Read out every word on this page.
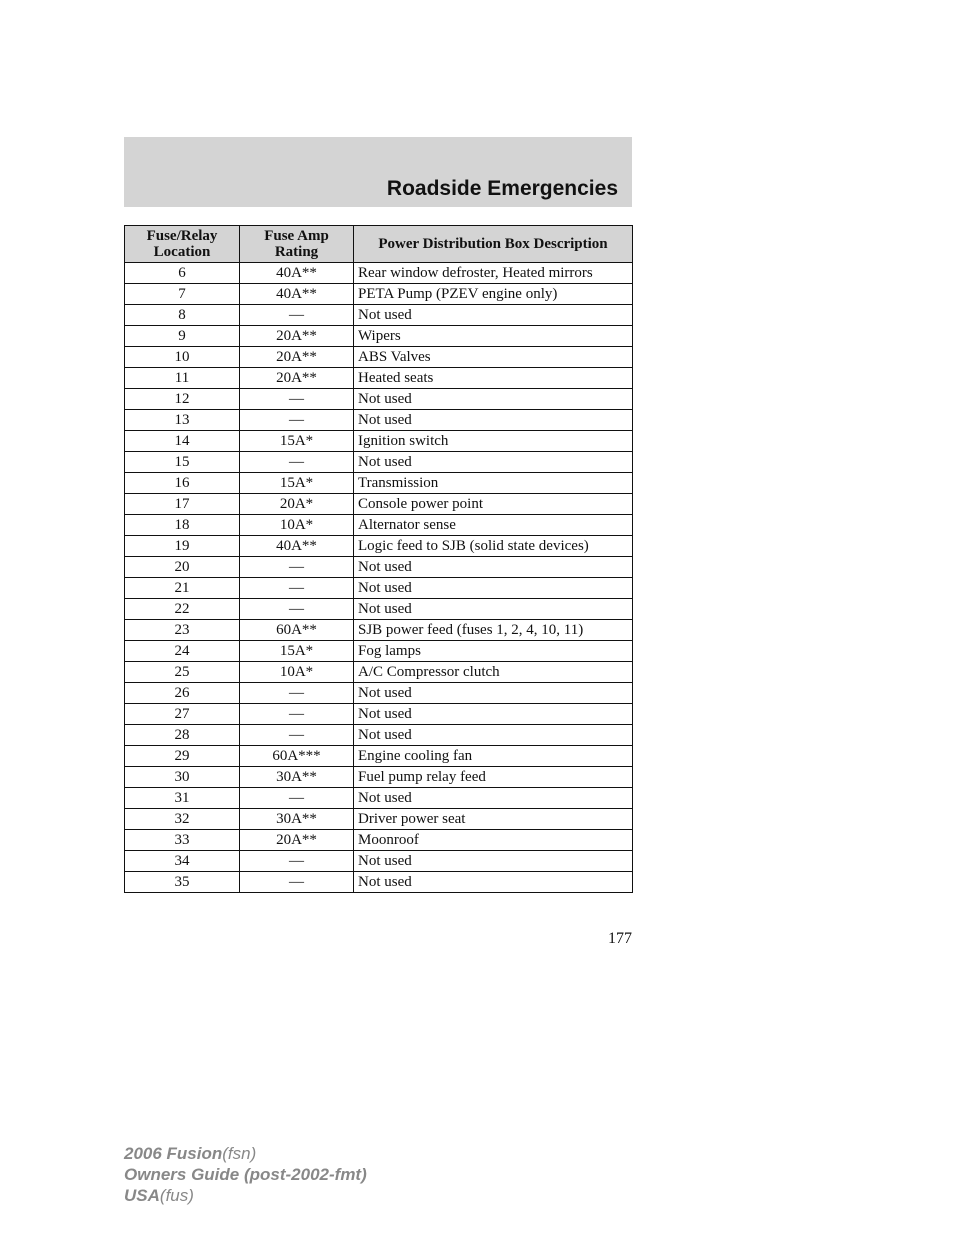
Roadside Emergencies
Fuse/Relay Location	Fuse Amp Rating	Power Distribution Box Description
6	40A**	Rear window defroster, Heated mirrors
7	40A**	PETA Pump (PZEV engine only)
8	—	Not used
9	20A**	Wipers
10	20A**	ABS Valves
11	20A**	Heated seats
12	—	Not used
13	—	Not used
14	15A*	Ignition switch
15	—	Not used
16	15A*	Transmission
17	20A*	Console power point
18	10A*	Alternator sense
19	40A**	Logic feed to SJB (solid state devices)
20	—	Not used
21	—	Not used
22	—	Not used
23	60A**	SJB power feed (fuses 1, 2, 4, 10, 11)
24	15A*	Fog lamps
25	10A*	A/C Compressor clutch
26	—	Not used
27	—	Not used
28	—	Not used
29	60A***	Engine cooling fan
30	30A**	Fuel pump relay feed
31	—	Not used
32	30A**	Driver power seat
33	20A**	Moonroof
34	—	Not used
35	—	Not used
177
2006 Fusion(fsn)
Owners Guide (post-2002-fmt)
USA(fus)
